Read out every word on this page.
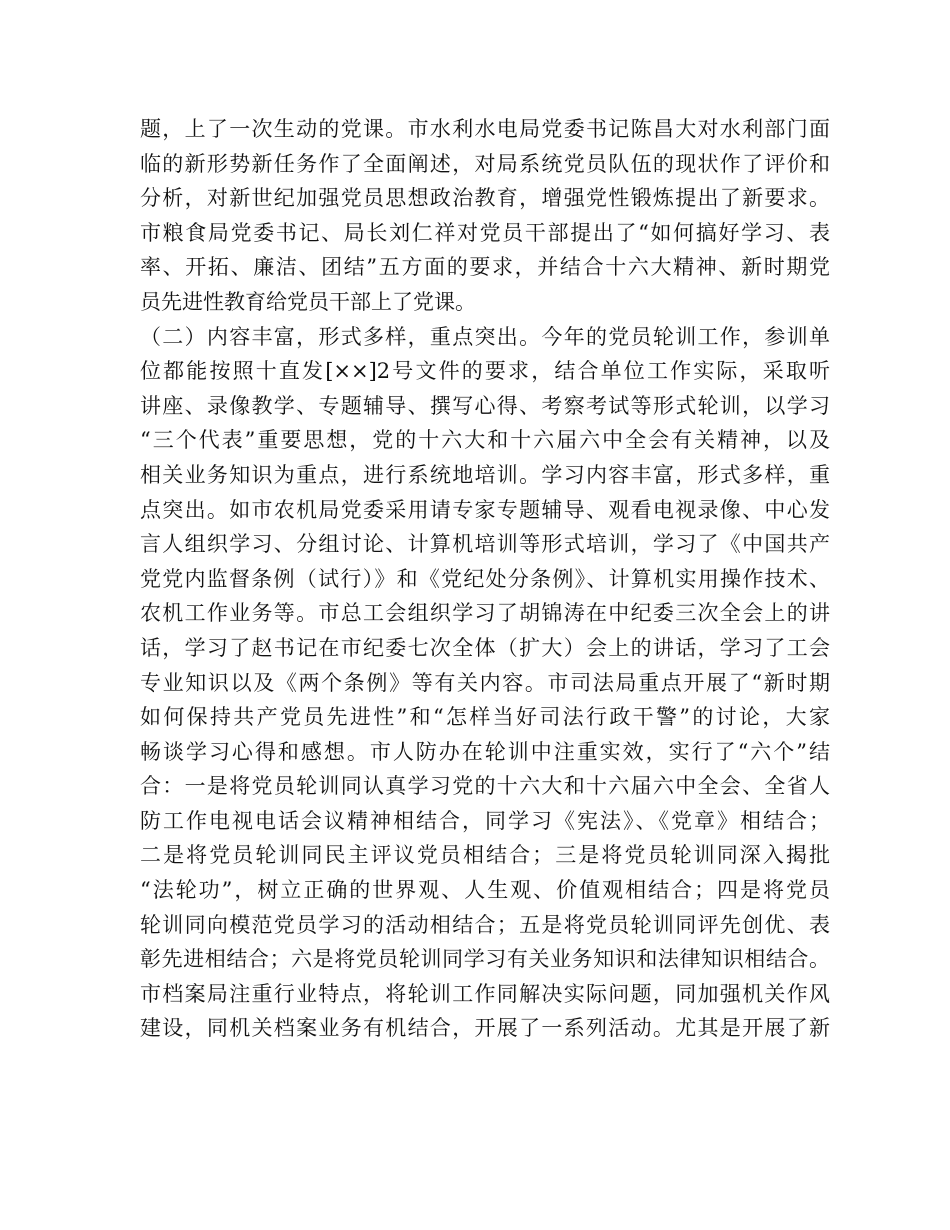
题，上了一次生动的党课。市水利水电局党委书记陈昌大对水利部门面
临的新形势新任务作了全面阐述，对局系统党员队伍的现状作了评价和
分析，对新世纪加强党员思想政治教育，增强党性锻炼提出了新要求。
市粮食局党委书记、局长刘仁祥对党员干部提出了“如何搞好学习、表
率、开拓、廉洁、团结”五方面的要求，并结合十六大精神、新时期党
员先进性教育给党员干部上了党课。
（二）内容丰富，形式多样，重点突出。今年的党员轮训工作，参训单
位都能按照十直发[××]2号文件的要求，结合单位工作实际，采取听
讲座、录像教学、专题辅导、撰写心得、考察考试等形式轮训，以学习
“三个代表”重要思想，党的十六大和十六届六中全会有关精神，以及
相关业务知识为重点，进行系统地培训。学习内容丰富，形式多样，重
点突出。如市农机局党委采用请专家专题辅导、观看电视录像、中心发
言人组织学习、分组讨论、计算机培训等形式培训，学习了《中国共产
党党内监督条例（试行）》和《党纪处分条例》、计算机实用操作技术、
农机工作业务等。市总工会组织学习了胡锦涛在中纪委三次全会上的讲
话，学习了赵书记在市纪委七次全体（扩大）会上的讲话，学习了工会
专业知识以及《两个条例》等有关内容。市司法局重点开展了“新时期
如何保持共产党员先进性”和“怎样当好司法行政干警”的讨论，大家
畅谈学习心得和感想。市人防办在轮训中注重实效，实行了“六个”结
合：一是将党员轮训同认真学习党的十六大和十六届六中全会、全省人
防工作电视电话会议精神相结合，同学习《宪法》、《党章》相结合；
二是将党员轮训同民主评议党员相结合；三是将党员轮训同深入揭批
“法轮功”，树立正确的世界观、人生观、价值观相结合；四是将党员
轮训同向模范党员学习的活动相结合；五是将党员轮训同评先创优、表
彰先进相结合；六是将党员轮训同学习有关业务知识和法律知识相结合。
市档案局注重行业特点，将轮训工作同解决实际问题，同加强机关作风
建设，同机关档案业务有机结合，开展了一系列活动。尤其是开展了新
